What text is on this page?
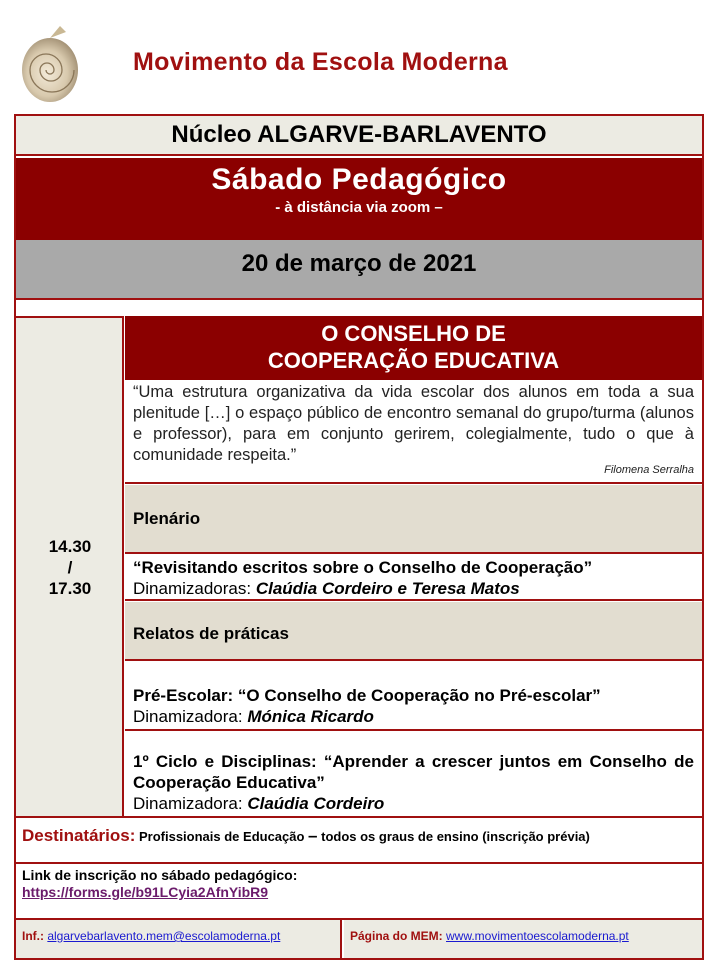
Movimento da Escola Moderna
Núcleo ALGARVE-BARLAVENTO
Sábado Pedagógico
- à distância via zoom –
20 de março de 2021
14.30
/
17.30
O CONSELHO DE
COOPERAÇÃO EDUCATIVA
“Uma estrutura organizativa da vida escolar dos alunos em toda a sua plenitude […] o espaço público de encontro semanal do grupo/turma (alunos e professor), para em conjunto gerirem, colegialmente, tudo o que à comunidade respeita.”
Filomena Serralha
Plenário
“Revisitando escritos sobre o Conselho de Cooperação”
Dinamizadoras: Claúdia Cordeiro e Teresa Matos
Relatos de práticas
Pré-Escolar: “O Conselho de Cooperação no Pré-escolar”
Dinamizadora: Mónica Ricardo
1º Ciclo e Disciplinas: “Aprender a crescer juntos em Conselho de Cooperação Educativa”
Dinamizadora: Claúdia Cordeiro
Destinatários: Profissionais de Educação – todos os graus de ensino (inscrição prévia)
Link de inscrição no sábado pedagógico:
https://forms.gle/b91LCyia2AfnYibR9
Inf.: algarvebarlavento.mem@escolamoderna.pt	Página do MEM: www.movimentoescolamoderna.pt
